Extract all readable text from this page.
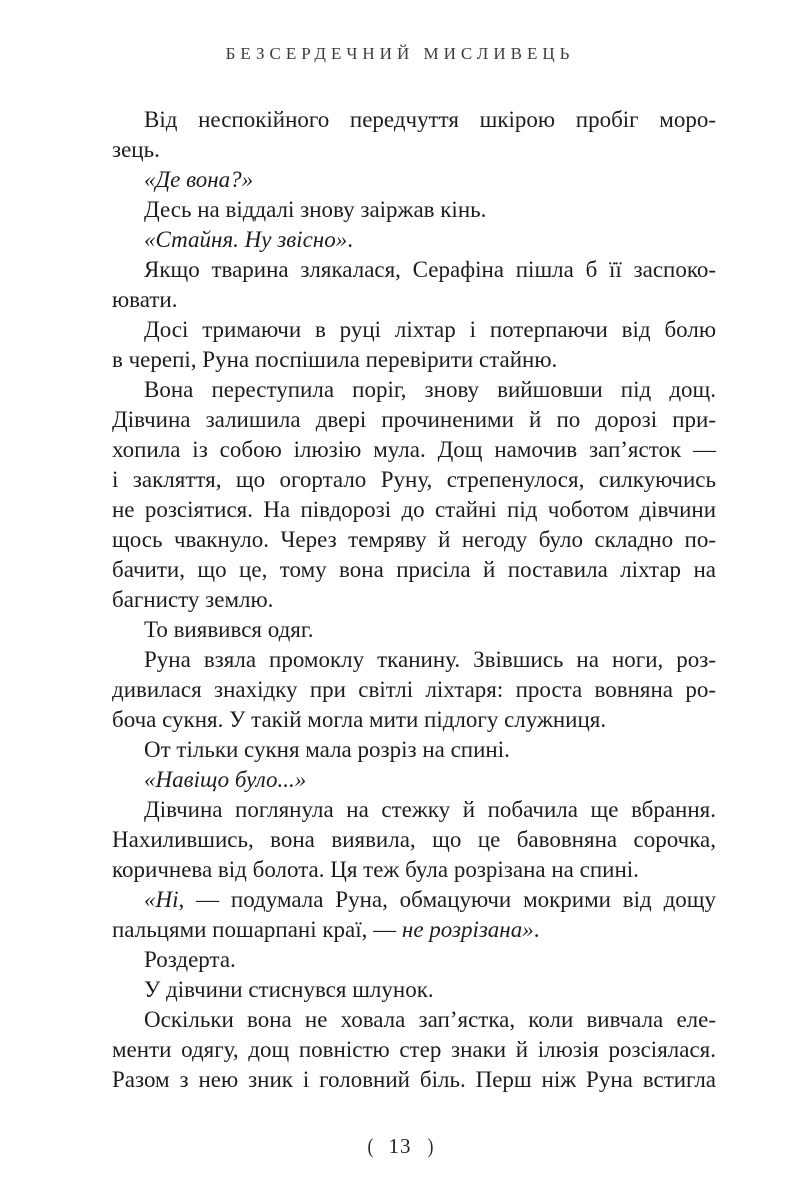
БЕЗСЕРДЕЧНИЙ МИСЛИВЕЦЬ
Від неспокійного передчуття шкірою пробіг моро-
зець.
«Де вона?»
Десь на віддалі знову заіржав кінь.
«Стайня. Ну звісно».
Якщо тварина злякалася, Серафіна пішла б її заспоко-
ювати.
Досі тримаючи в руці ліхтар і потерпаючи від болю
в черепі, Руна поспішила перевірити стайню.
Вона переступила поріг, знову вийшовши під дощ.
Дівчина залишила двері прочиненими й по дорозі при-
хопила із собою ілюзію мула. Дощ намочив зап’ясток —
і закляття, що огортало Руну, стрепенулося, силкуючись
не розсіятися. На півдорозі до стайні під чоботом дівчини
щось чвакнуло. Через темряву й негоду було складно по-
бачити, що це, тому вона присіла й поставила ліхтар на
багнисту землю.
То виявився одяг.
Руна взяла промоклу тканину. Звівшись на ноги, роз-
дивилася знахідку при світлі ліхтаря: проста вовняна ро-
боча сукня. У такій могла мити підлогу служниця.
От тільки сукня мала розріз на спині.
«Навіщо було...»
Дівчина поглянула на стежку й побачила ще вбрання.
Нахилившись, вона виявила, що це бавовняна сорочка,
коричнева від болота. Ця теж була розрізана на спині.
«Ні, — подумала Руна, обмацуючи мокрими від дощу
пальцями пошарпані краї, — не розрізана».
Роздерта.
У дівчини стиснувся шлунок.
Оскільки вона не ховала зап’ястка, коли вивчала еле-
менти одягу, дощ повністю стер знаки й ілюзія розсіялася.
Разом з нею зник і головний біль. Перш ніж Руна встигла
( 13 )
